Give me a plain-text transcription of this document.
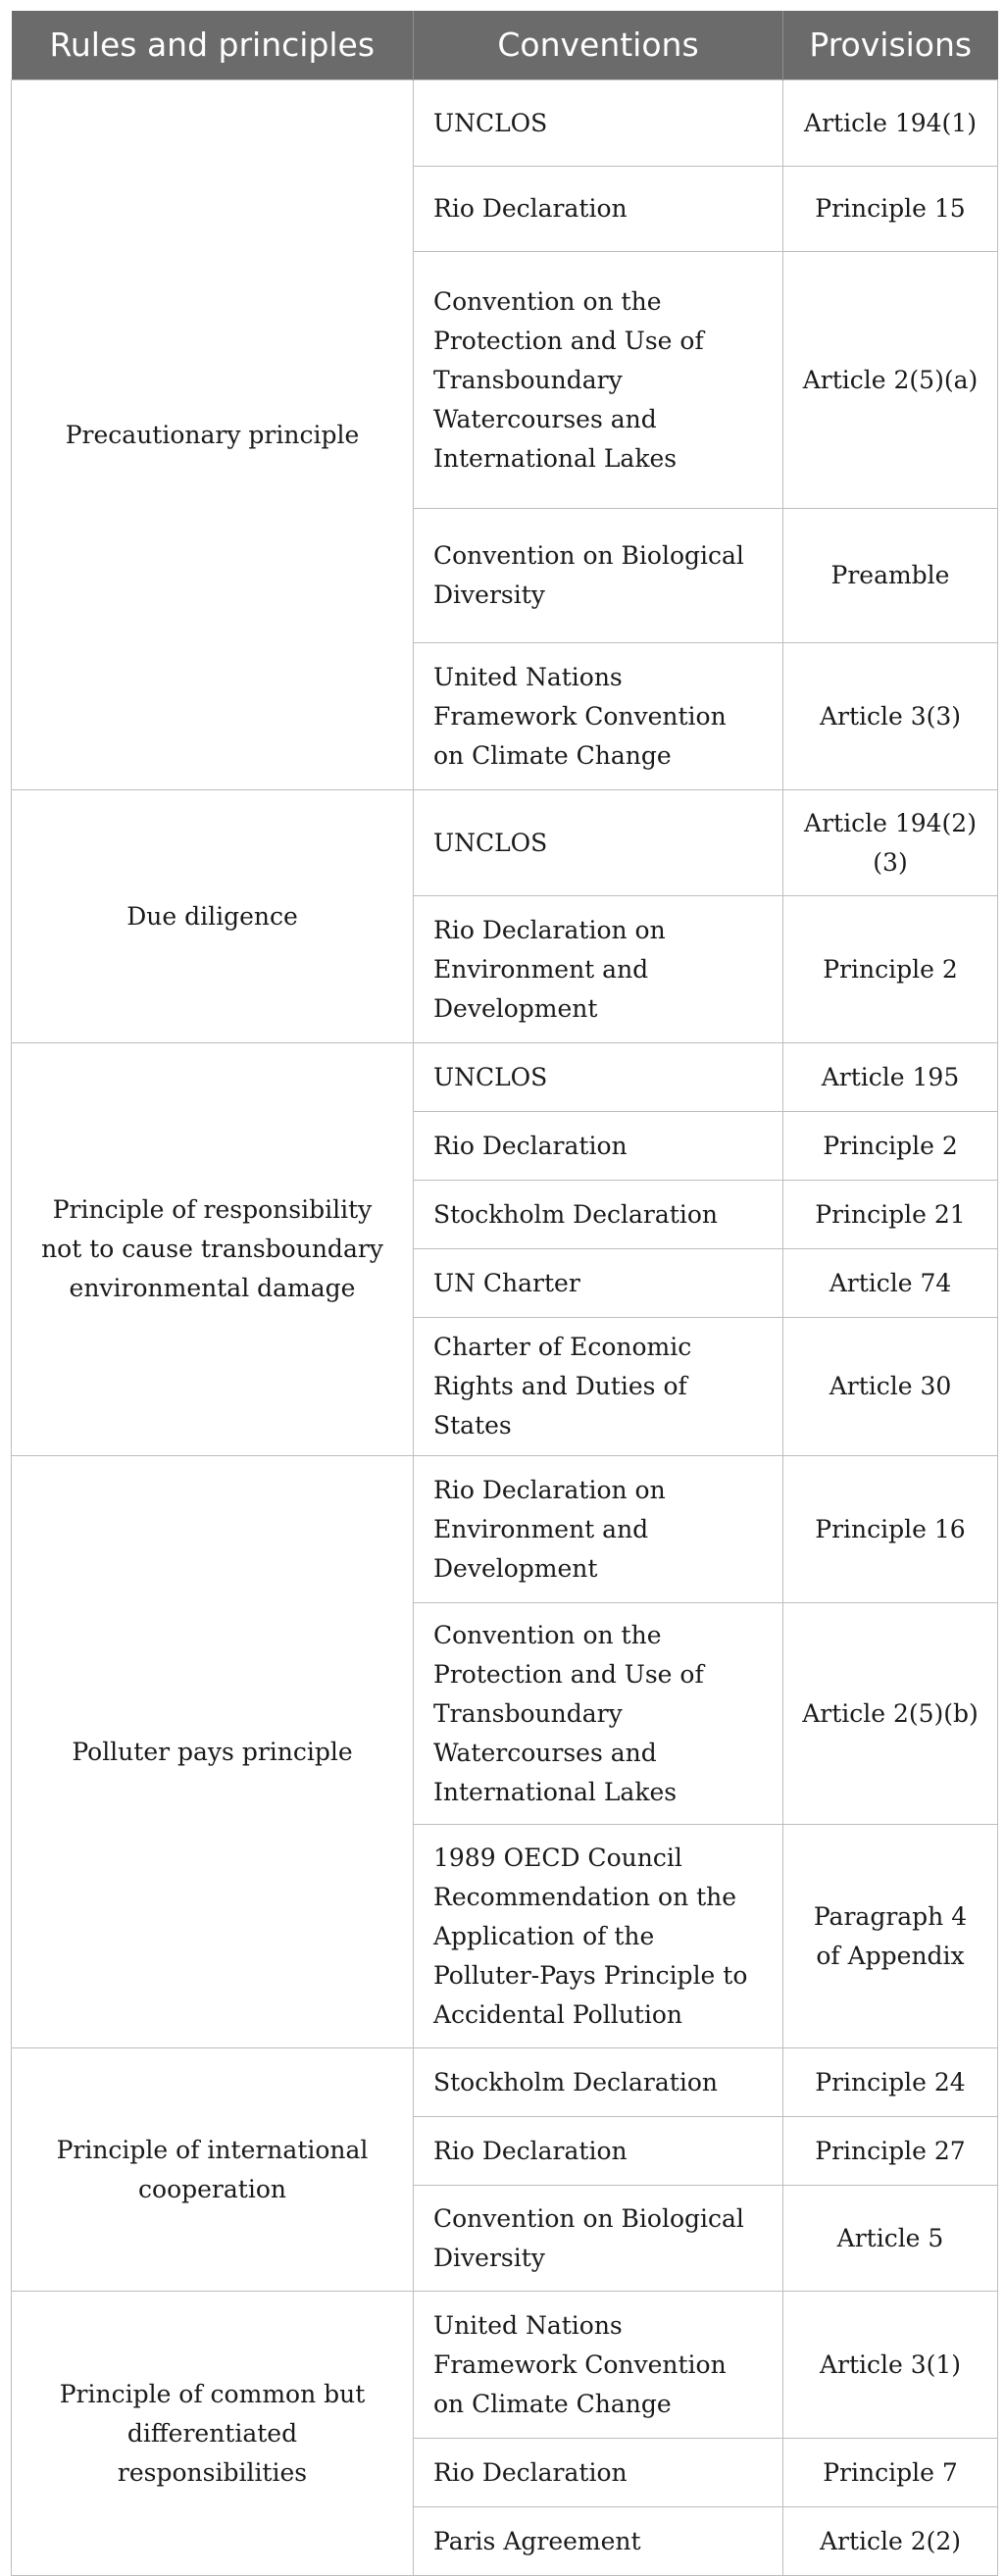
Rules and principles	Conventions	Provisions
Precautionary principle	UNCLOS	Article 194(1)
	Rio Declaration	Principle 15
	Convention on the Protection and Use of Transboundary Watercourses and International Lakes	Article 2(5)(a)
	Convention on Biological Diversity	Preamble
	United Nations Framework Convention on Climate Change	Article 3(3)
Due diligence	UNCLOS	Article 194(2)(3)
	Rio Declaration on Environment and Development	Principle 2
Principle of responsibility not to cause transboundary environmental damage	UNCLOS	Article 195
	Rio Declaration	Principle 2
	Stockholm Declaration	Principle 21
	UN Charter	Article 74
	Charter of Economic Rights and Duties of States	Article 30
Polluter pays principle	Rio Declaration on Environment and Development	Principle 16
	Convention on the Protection and Use of Transboundary Watercourses and International Lakes	Article 2(5)(b)
	1989 OECD Council Recommendation on the Application of the Polluter-Pays Principle to Accidental Pollution	Paragraph 4 of Appendix
Principle of international cooperation	Stockholm Declaration	Principle 24
	Rio Declaration	Principle 27
	Convention on Biological Diversity	Article 5
Principle of common but differentiated responsibilities	United Nations Framework Convention on Climate Change	Article 3(1)
	Rio Declaration	Principle 7
	Paris Agreement	Article 2(2)
